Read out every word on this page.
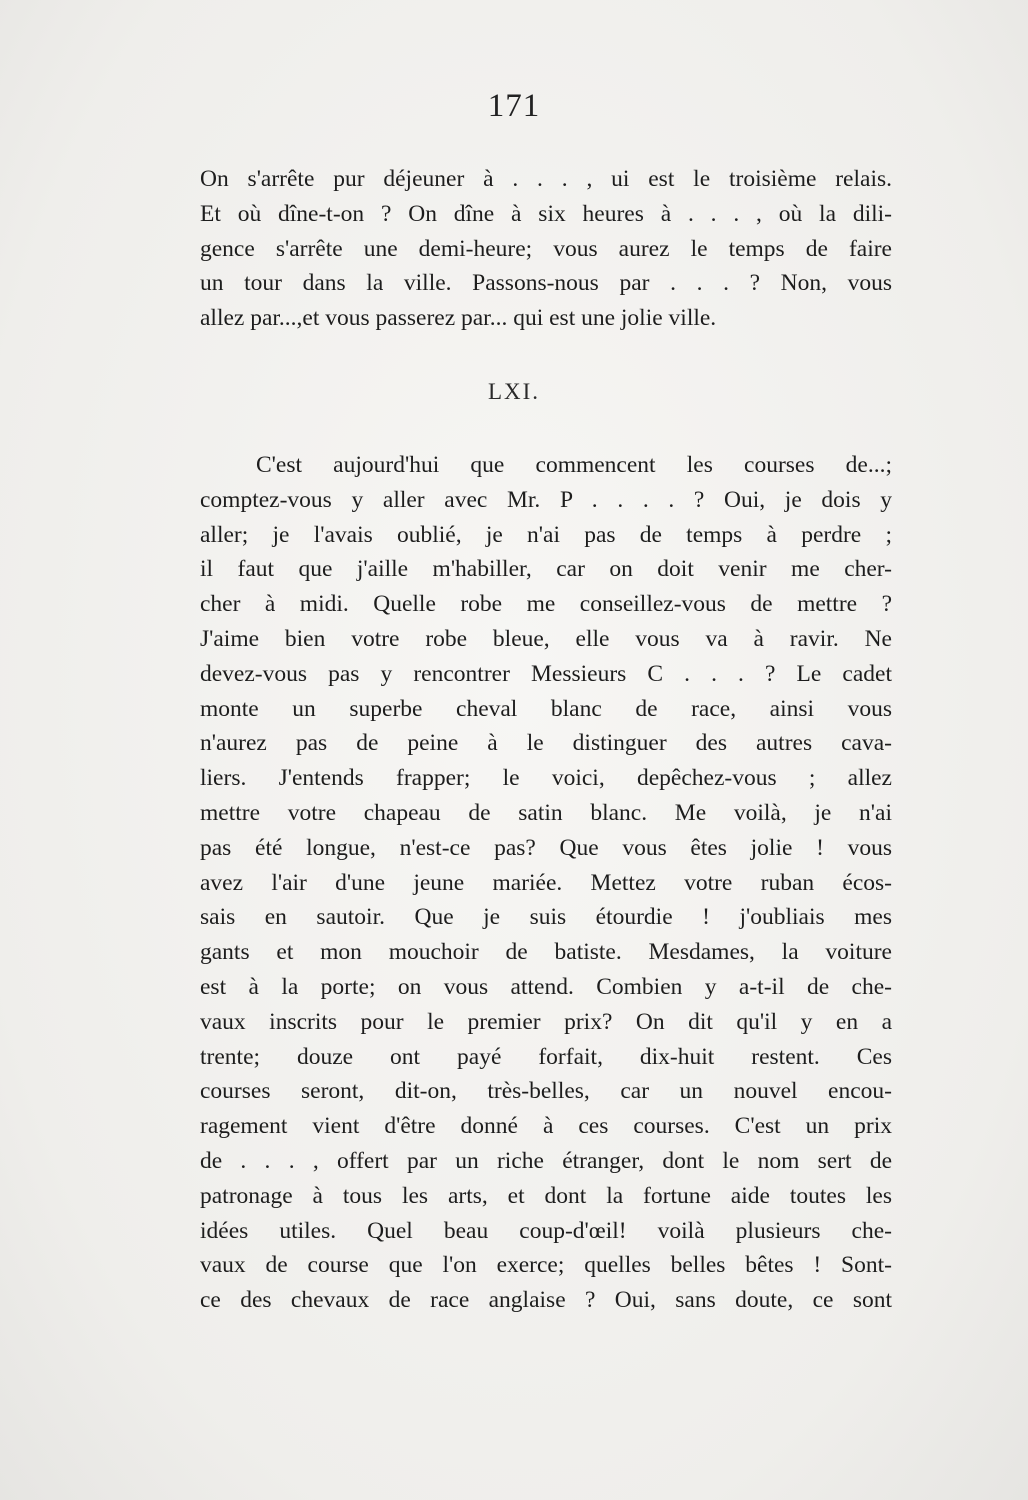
171
On s'arrête pur déjeuner à . . . , ui est le troisième relais.
Et où dîne-t-on ? On dîne à six heures à . . . , où la dili-
gence s'arrête une demi-heure; vous aurez le temps de faire
un tour dans la ville. Passons-nous par . . . ? Non, vous
allez par...,et vous passerez par... qui est une jolie ville.
LXI.
C'est aujourd'hui que commencent les courses de...;
comptez-vous y aller avec Mr. P . . . . ? Oui, je dois y
aller; je l'avais oublié, je n'ai pas de temps à perdre ;
il faut que j'aille m'habiller, car on doit venir me cher-
cher à midi. Quelle robe me conseillez-vous de mettre ?
J'aime bien votre robe bleue, elle vous va à ravir. Ne
devez-vous pas y rencontrer Messieurs C . . . ? Le cadet
monte un superbe cheval blanc de race, ainsi vous
n'aurez pas de peine à le distinguer des autres cava-
liers. J'entends frapper; le voici, depêchez-vous ; allez
mettre votre chapeau de satin blanc. Me voilà, je n'ai
pas été longue, n'est-ce pas? Que vous êtes jolie ! vous
avez l'air d'une jeune mariée. Mettez votre ruban écos-
sais en sautoir. Que je suis étourdie ! j'oubliais mes
gants et mon mouchoir de batiste. Mesdames, la voiture
est à la porte; on vous attend. Combien y a-t-il de che-
vaux inscrits pour le premier prix? On dit qu'il y en a
trente; douze ont payé forfait, dix-huit restent. Ces
courses seront, dit-on, très-belles, car un nouvel encou-
ragement vient d'être donné à ces courses. C'est un prix
de . . . , offert par un riche étranger, dont le nom sert de
patronage à tous les arts, et dont la fortune aide toutes les
idées utiles. Quel beau coup-d'œil! voilà plusieurs che-
vaux de course que l'on exerce; quelles belles bêtes ! Sont-
ce des chevaux de race anglaise ? Oui, sans doute, ce sont
